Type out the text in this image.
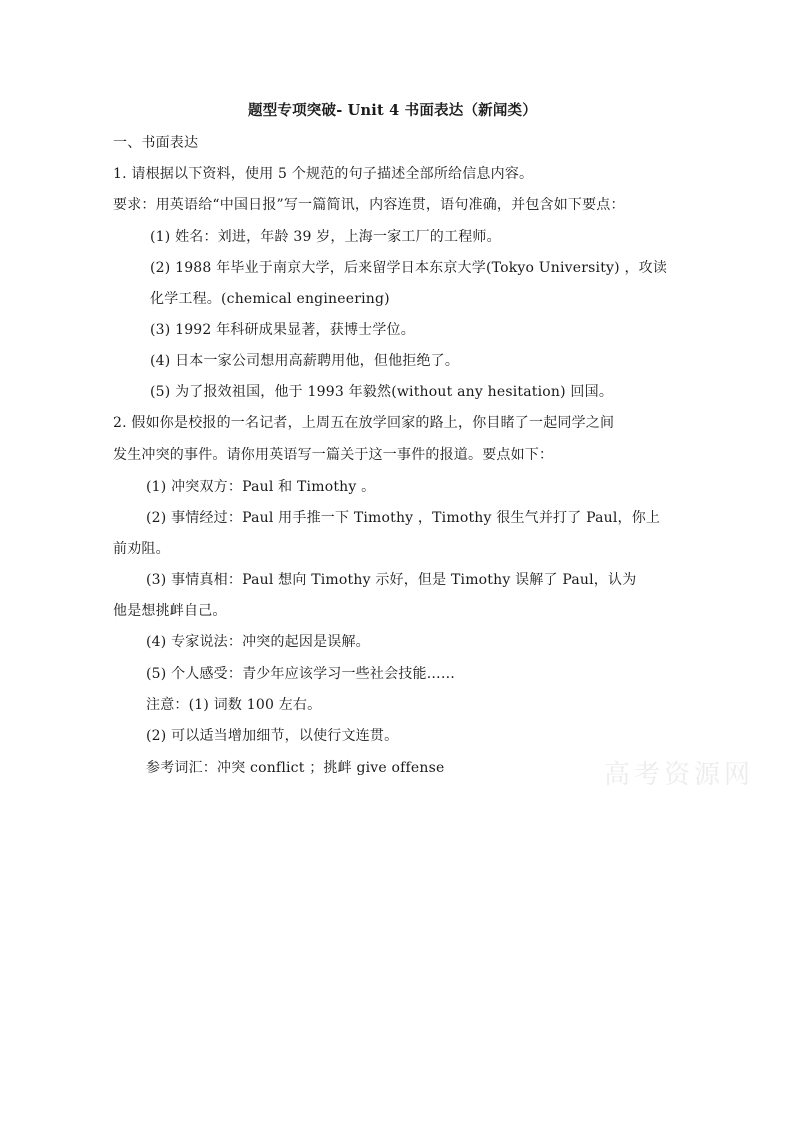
题型专项突破- Unit 4 书面表达（新闻类）
一、书面表达
1. 请根据以下资料，使用 5 个规范的句子描述全部所给信息内容。
要求：用英语给“中国日报”写一篇简讯，内容连贯，语句准确，并包含如下要点：
(1) 姓名：刘进，年龄 39 岁，上海一家工厂的工程师。
(2) 1988 年毕业于南京大学，后来留学日本东京大学(Tokyo University) ，攻读
化学工程。(chemical engineering)
(3) 1992 年科研成果显著，获博士学位。
(4) 日本一家公司想用高薪聘用他，但他拒绝了。
(5) 为了报效祖国，他于 1993 年毅然(without any hesitation) 回国。
2. 假如你是校报的一名记者，上周五在放学回家的路上，你目睹了一起同学之间
发生冲突的事件。请你用英语写一篇关于这一事件的报道。要点如下：
(1) 冲突双方：Paul 和 Timothy 。
(2) 事情经过：Paul 用手推一下 Timothy ，Timothy 很生气并打了 Paul，你上
前劝阻。
(3) 事情真相：Paul 想向 Timothy 示好，但是 Timothy 误解了 Paul，认为
他是想挑衅自己。
(4) 专家说法：冲突的起因是误解。
(5) 个人感受：青少年应该学习一些社会技能……
注意：(1) 词数 100 左右。
(2) 可以适当增加细节，以使行文连贯。
参考词汇：冲突 conflict ；挑衅 give offense	高考资源网
